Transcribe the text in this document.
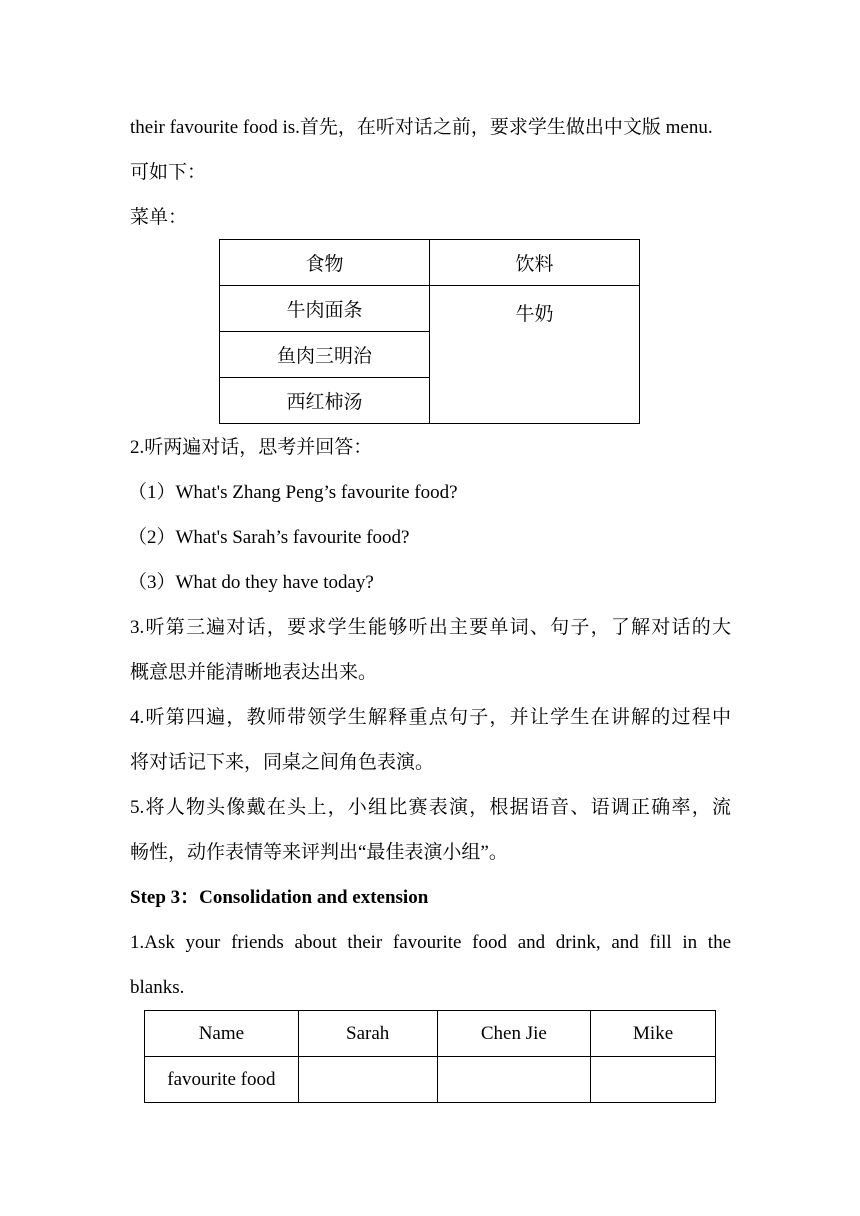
their favourite food is.首先，在听对话之前，要求学生做出中文版 menu.
可如下：
菜单：
食物	饮料
牛肉面条	牛奶
鱼肉三明治	
西红柿汤	
2.听两遍对话，思考并回答：
（1）What's Zhang Peng’s favourite food?
（2）What's Sarah’s favourite food?
（3）What do they have today?
3.听第三遍对话，要求学生能够听出主要单词、句子，了解对话的大
概意思并能清晰地表达出来。
4.听第四遍，教师带领学生解释重点句子，并让学生在讲解的过程中
将对话记下来，同桌之间角色表演。
5.将人物头像戴在头上，小组比赛表演，根据语音、语调正确率，流
畅性，动作表情等来评判出“最佳表演小组”。
Step 3：Consolidation and extension
1.Ask your friends about their favourite food and drink, and fill in the
blanks.
Name	Sarah	Chen Jie	Mike
favourite food			
